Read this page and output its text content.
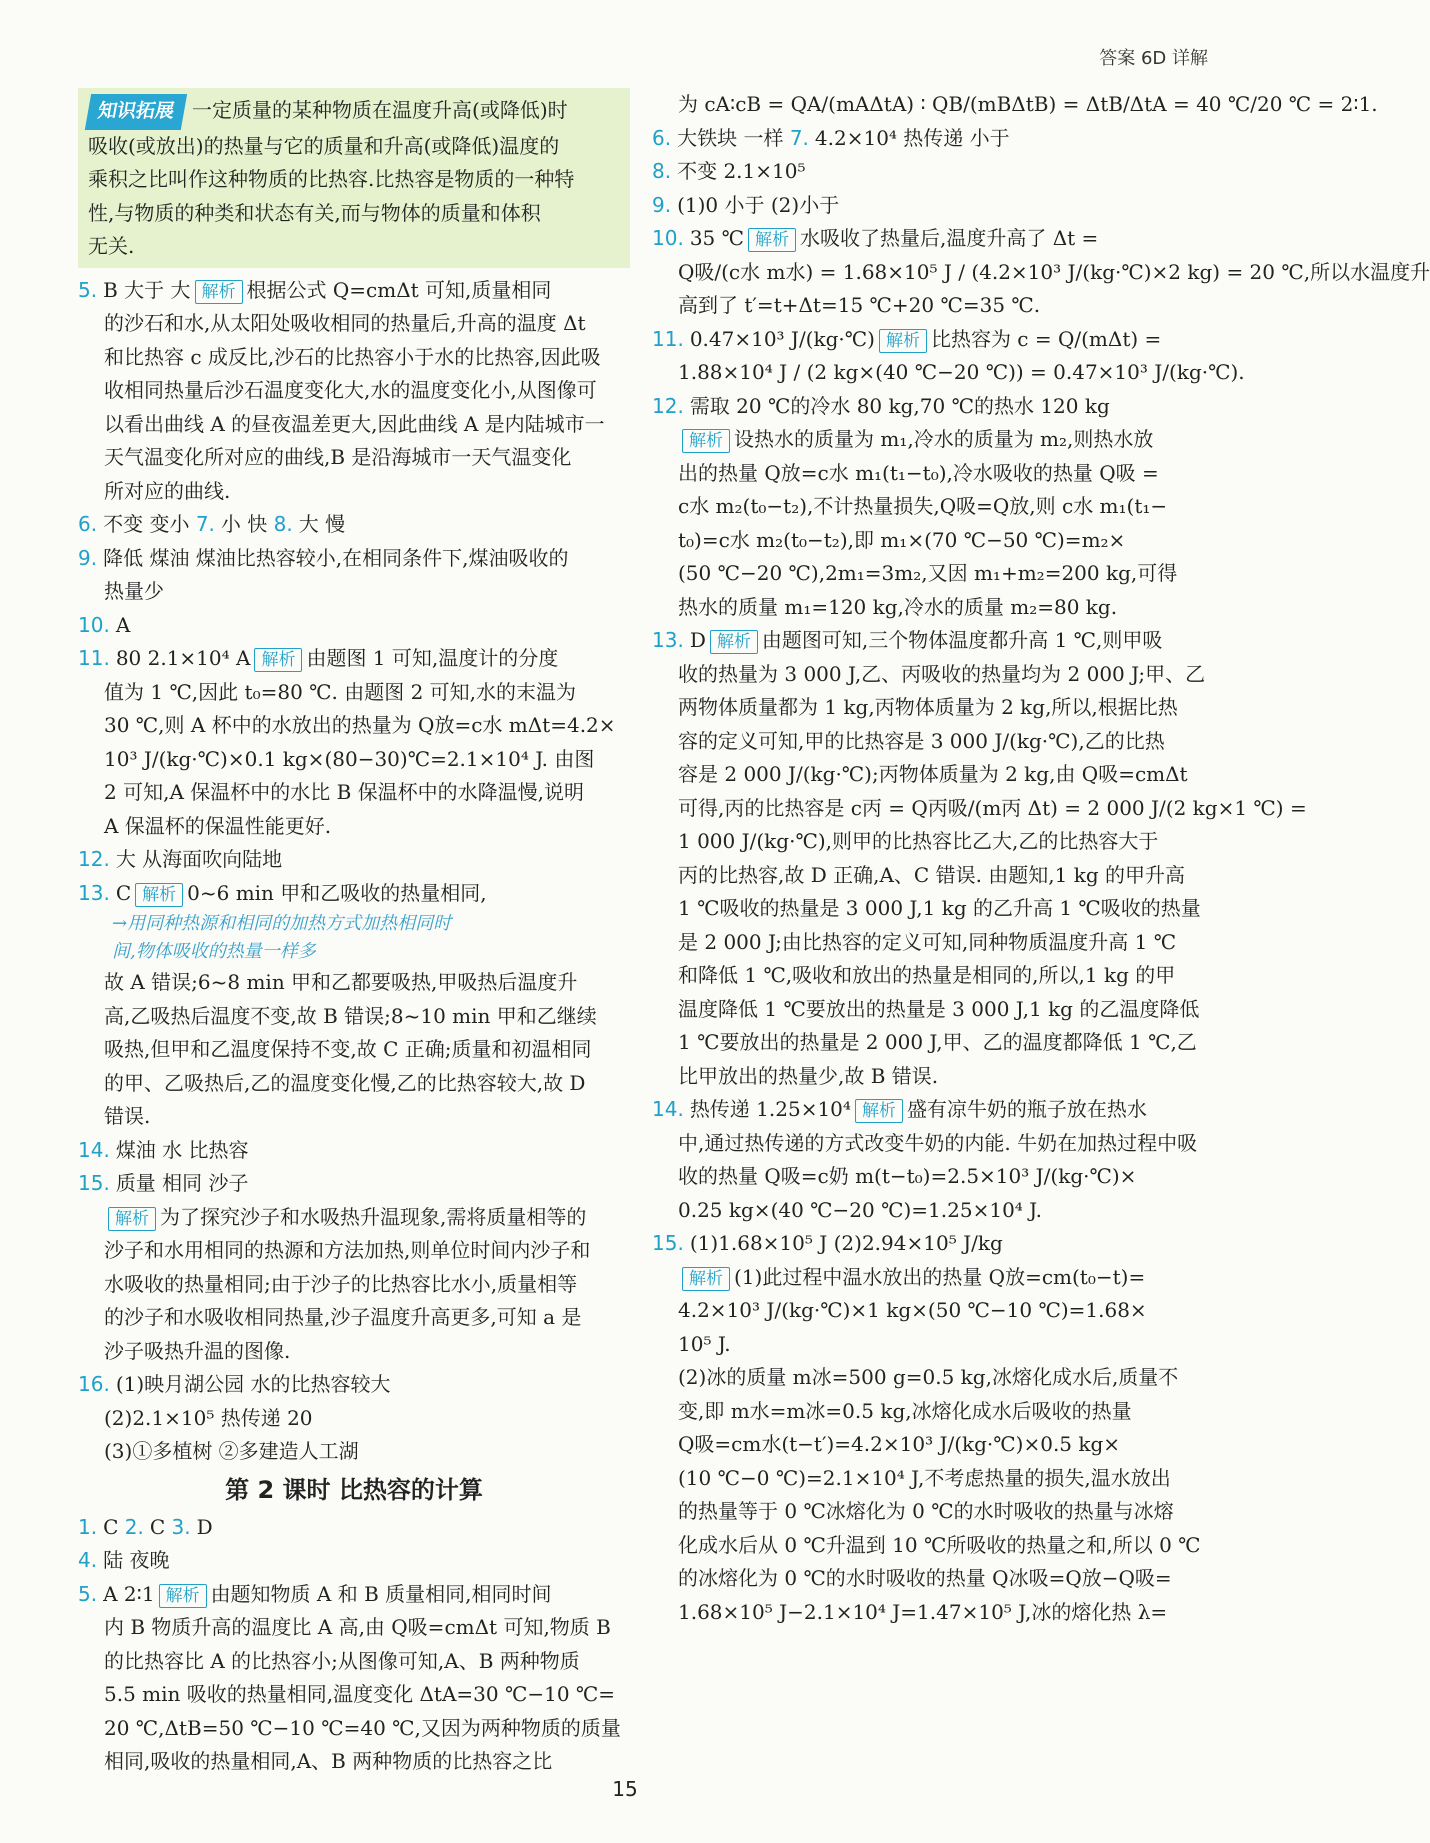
答案 6D 详解
知识拓展 一定质量的某种物质在温度升高(或降低)时
吸收(或放出)的热量与它的质量和升高(或降低)温度的
乘积之比叫作这种物质的比热容.比热容是物质的一种特
性,与物质的种类和状态有关,而与物体的质量和体积
无关.
5. B 大于 大 解析 根据公式 Q=cmΔt 可知,质量相同
的沙石和水,从太阳处吸收相同的热量后,升高的温度 Δt
和比热容 c 成反比,沙石的比热容小于水的比热容,因此吸
收相同热量后沙石温度变化大,水的温度变化小,从图像可
以看出曲线 A 的昼夜温差更大,因此曲线 A 是内陆城市一
天气温变化所对应的曲线,B 是沿海城市一天气温变化
所对应的曲线.
6. 不变 变小 7. 小 快 8. 大 慢
9. 降低 煤油 煤油比热容较小,在相同条件下,煤油吸收的
热量少
10. A
11. 80 2.1×10⁴ A 解析 由题图 1 可知,温度计的分度
值为 1 ℃,因此 t₀=80 ℃. 由题图 2 可知,水的末温为
30 ℃,则 A 杯中的水放出的热量为 Q放=c水 mΔt=4.2×
10³ J/(kg·℃)×0.1 kg×(80−30)℃=2.1×10⁴ J. 由图
2 可知,A 保温杯中的水比 B 保温杯中的水降温慢,说明
A 保温杯的保温性能更好.
12. 大 从海面吹向陆地
13. C 解析 0~6 min 甲和乙吸收的热量相同,
→用同种热源和相同的加热方式加热相同时
间,物体吸收的热量一样多
故 A 错误;6~8 min 甲和乙都要吸热,甲吸热后温度升
高,乙吸热后温度不变,故 B 错误;8~10 min 甲和乙继续
吸热,但甲和乙温度保持不变,故 C 正确;质量和初温相同
的甲、乙吸热后,乙的温度变化慢,乙的比热容较大,故 D
错误.
14. 煤油 水 比热容
15. 质量 相同 沙子
解析 为了探究沙子和水吸热升温现象,需将质量相等的
沙子和水用相同的热源和方法加热,则单位时间内沙子和
水吸收的热量相同;由于沙子的比热容比水小,质量相等
的沙子和水吸收相同热量,沙子温度升高更多,可知 a 是
沙子吸热升温的图像.
16. (1)映月湖公园 水的比热容较大
(2)2.1×10⁵ 热传递 20
(3)①多植树 ②多建造人工湖
第 2 课时 比热容的计算
1. C 2. C 3. D
4. 陆 夜晚
5. A 2∶1 解析 由题知物质 A 和 B 质量相同,相同时间
内 B 物质升高的温度比 A 高,由 Q吸=cmΔt 可知,物质 B
的比热容比 A 的比热容小;从图像可知,A、B 两种物质
5.5 min 吸收的热量相同,温度变化 ΔtA=30 ℃−10 ℃=
20 ℃,ΔtB=50 ℃−10 ℃=40 ℃,又因为两种物质的质量
相同,吸收的热量相同,A、B 两种物质的比热容之比
为 cA∶cB = QA/(mAΔtA) ∶ QB/(mBΔtB) = ΔtB/ΔtA = 40 ℃/20 ℃ = 2∶1.
6. 大铁块 一样 7. 4.2×10⁴ 热传递 小于
8. 不变 2.1×10⁵
9. (1)0 小于 (2)小于
10. 35 ℃ 解析 水吸收了热量后,温度升高了 Δt =
Q吸/(c水 m水) = 1.68×10⁵ J / (4.2×10³ J/(kg·℃)×2 kg) = 20 ℃,所以水温度升
高到了 t′=t+Δt=15 ℃+20 ℃=35 ℃.
11. 0.47×10³ J/(kg·℃) 解析 比热容为 c = Q/(mΔt) =
1.88×10⁴ J / (2 kg×(40 ℃−20 ℃)) = 0.47×10³ J/(kg·℃).
12. 需取 20 ℃的冷水 80 kg,70 ℃的热水 120 kg
解析 设热水的质量为 m₁,冷水的质量为 m₂,则热水放
出的热量 Q放=c水 m₁(t₁−t₀),冷水吸收的热量 Q吸 =
c水 m₂(t₀−t₂),不计热量损失,Q吸=Q放,则 c水 m₁(t₁−
t₀)=c水 m₂(t₀−t₂),即 m₁×(70 ℃−50 ℃)=m₂×
(50 ℃−20 ℃),2m₁=3m₂,又因 m₁+m₂=200 kg,可得
热水的质量 m₁=120 kg,冷水的质量 m₂=80 kg.
13. D 解析 由题图可知,三个物体温度都升高 1 ℃,则甲吸
收的热量为 3 000 J,乙、丙吸收的热量均为 2 000 J;甲、乙
两物体质量都为 1 kg,丙物体质量为 2 kg,所以,根据比热
容的定义可知,甲的比热容是 3 000 J/(kg·℃),乙的比热
容是 2 000 J/(kg·℃);丙物体质量为 2 kg,由 Q吸=cmΔt
可得,丙的比热容是 c丙 = Q丙吸/(m丙 Δt) = 2 000 J/(2 kg×1 ℃) =
1 000 J/(kg·℃),则甲的比热容比乙大,乙的比热容大于
丙的比热容,故 D 正确,A、C 错误. 由题知,1 kg 的甲升高
1 ℃吸收的热量是 3 000 J,1 kg 的乙升高 1 ℃吸收的热量
是 2 000 J;由比热容的定义可知,同种物质温度升高 1 ℃
和降低 1 ℃,吸收和放出的热量是相同的,所以,1 kg 的甲
温度降低 1 ℃要放出的热量是 3 000 J,1 kg 的乙温度降低
1 ℃要放出的热量是 2 000 J,甲、乙的温度都降低 1 ℃,乙
比甲放出的热量少,故 B 错误.
14. 热传递 1.25×10⁴ 解析 盛有凉牛奶的瓶子放在热水
中,通过热传递的方式改变牛奶的内能. 牛奶在加热过程中吸
收的热量 Q吸=c奶 m(t−t₀)=2.5×10³ J/(kg·℃)×
0.25 kg×(40 ℃−20 ℃)=1.25×10⁴ J.
15. (1)1.68×10⁵ J (2)2.94×10⁵ J/kg
解析 (1)此过程中温水放出的热量 Q放=cm(t₀−t)=
4.2×10³ J/(kg·℃)×1 kg×(50 ℃−10 ℃)=1.68×
10⁵ J.
(2)冰的质量 m冰=500 g=0.5 kg,冰熔化成水后,质量不
变,即 m水=m冰=0.5 kg,冰熔化成水后吸收的热量
Q吸=cm水(t−t′)=4.2×10³ J/(kg·℃)×0.5 kg×
(10 ℃−0 ℃)=2.1×10⁴ J,不考虑热量的损失,温水放出
的热量等于 0 ℃冰熔化为 0 ℃的水时吸收的热量与冰熔
化成水后从 0 ℃升温到 10 ℃所吸收的热量之和,所以 0 ℃
的冰熔化为 0 ℃的水时吸收的热量 Q冰吸=Q放−Q吸=
1.68×10⁵ J−2.1×10⁴ J=1.47×10⁵ J,冰的熔化热 λ=
15
